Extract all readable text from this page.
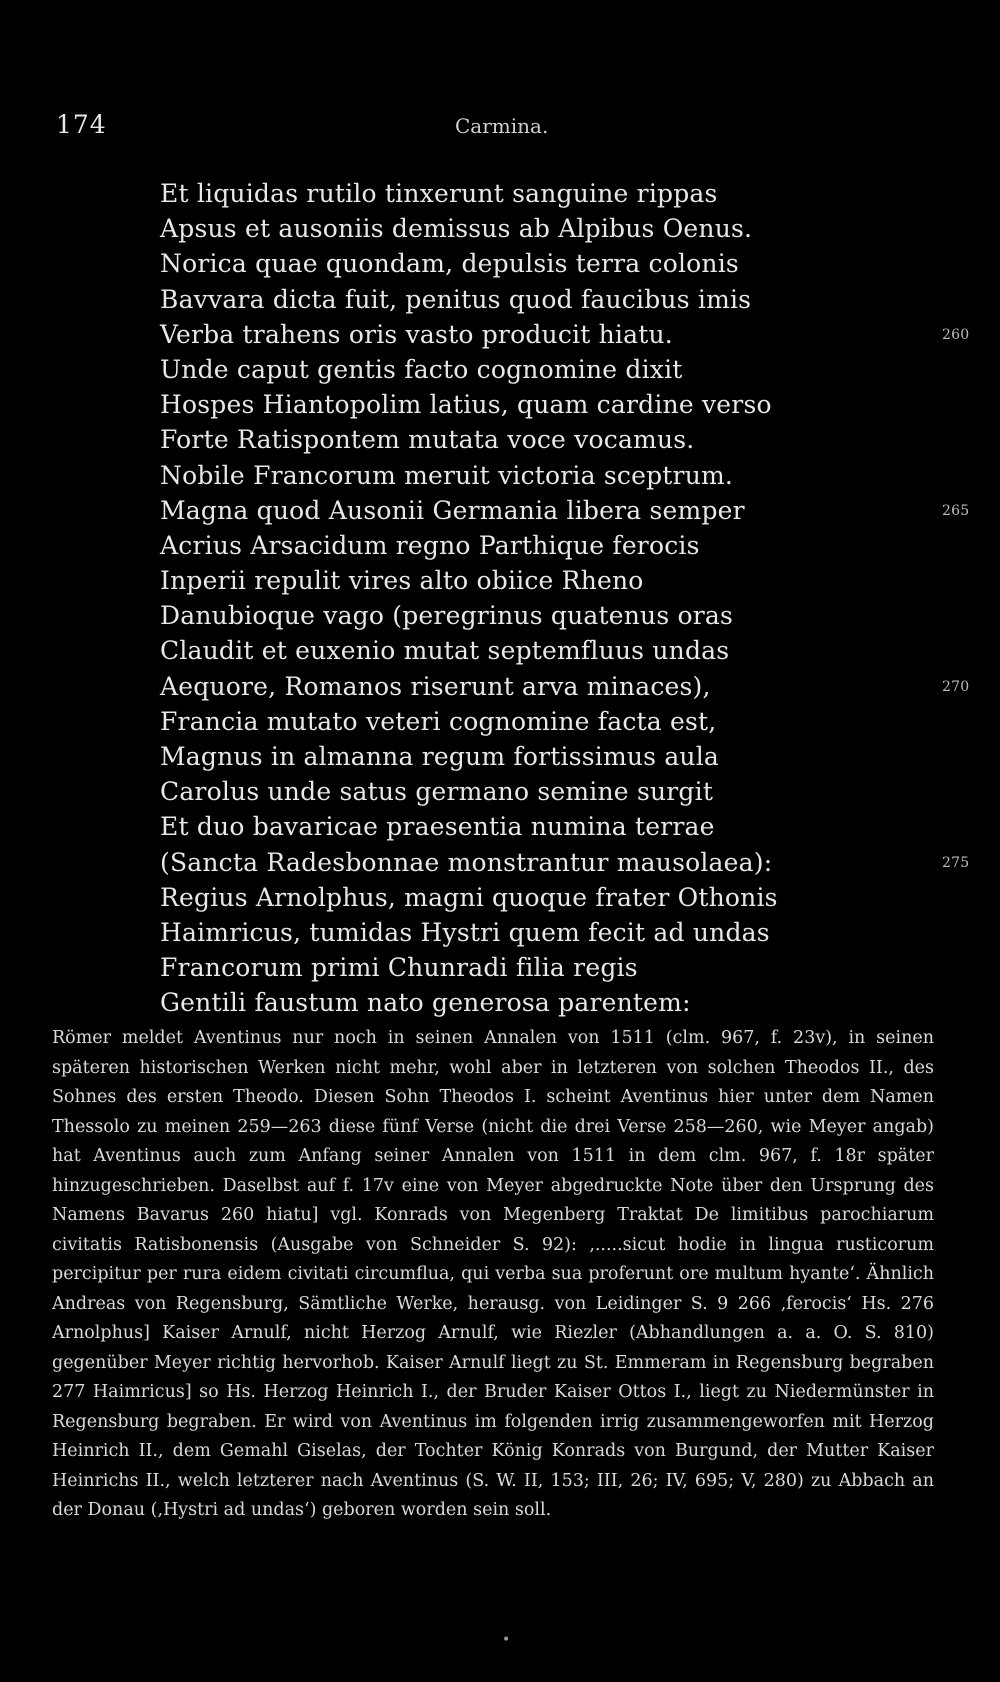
174	Carmina.
Et liquidas rutilo tinxerunt sanguine rippas
Apsus et ausoniis demissus ab Alpibus Oenus.
Norica quae quondam, depulsis terra colonis
Bavvara dicta fuit, penitus quod faucibus imis
Verba trahens oris vasto producit hiatu.	260
Unde caput gentis facto cognomine dixit
Hospes Hiantopolim latius, quam cardine verso
Forte Ratispontem mutata voce vocamus.
Nobile Francorum meruit victoria sceptrum.
Magna quod Ausonii Germania libera semper	265
Acrius Arsacidum regno Parthique ferocis
Inperii repulit vires alto obiice Rheno
Danubioque vago (peregrinus quatenus oras
Claudit et euxenio mutat septemfluus undas
Aequore, Romanos riserunt arva minaces),	270
Francia mutato veteri cognomine facta est,
Magnus in almanna regum fortissimus aula
Carolus unde satus germano semine surgit
Et duo bavaricae praesentia numina terrae
(Sancta Radesbonnae monstrantur mausolaea):	275
Regius Arnolphus, magni quoque frater Othonis
Haimricus, tumidas Hystri quem fecit ad undas
Francorum primi Chunradi filia regis
Gentili faustum nato generosa parentem:

Römer meldet Aventinus nur noch in seinen Annalen von 1511 (clm. 967, f. 23v), in seinen späteren historischen Werken nicht mehr, wohl aber in letzteren von solchen Theodos II., des Sohnes des ersten Theodo. Diesen Sohn Theodos I. scheint Aventinus hier unter dem Namen Thessolo zu meinen 259—263 diese fünf Verse (nicht die drei Verse 258—260, wie Meyer angab) hat Aventinus auch zum Anfang seiner Annalen von 1511 in dem clm. 967, f. 18r später hinzugeschrieben. Daselbst auf f. 17v eine von Meyer abgedruckte Note über den Ursprung des Namens Bavarus 260 hiatu] vgl. Konrads von Megenberg Traktat De limitibus parochiarum civitatis Ratisbonensis (Ausgabe von Schneider S. 92): ‚.....sicut hodie in lingua rusticorum percipitur per rura eidem civitati circumflua, qui verba sua proferunt ore multum hyante‘. Ähnlich Andreas von Regensburg, Sämtliche Werke, herausg. von Leidinger S. 9 266 ‚ferocis‘ Hs. 276 Arnolphus] Kaiser Arnulf, nicht Herzog Arnulf, wie Riezler (Abhandlungen a. a. O. S. 810) gegenüber Meyer richtig hervorhob. Kaiser Arnulf liegt zu St. Emmeram in Regensburg begraben 277 Haimricus] so Hs. Herzog Heinrich I., der Bruder Kaiser Ottos I., liegt zu Niedermünster in Regensburg begraben. Er wird von Aventinus im folgenden irrig zusammengeworfen mit Herzog Heinrich II., dem Gemahl Giselas, der Tochter König Konrads von Burgund, der Mutter Kaiser Heinrichs II., welch letzterer nach Aventinus (S. W. II, 153; III, 26; IV, 695; V, 280) zu Abbach an der Donau (‚Hystri ad undas‘) geboren worden sein soll.

•
